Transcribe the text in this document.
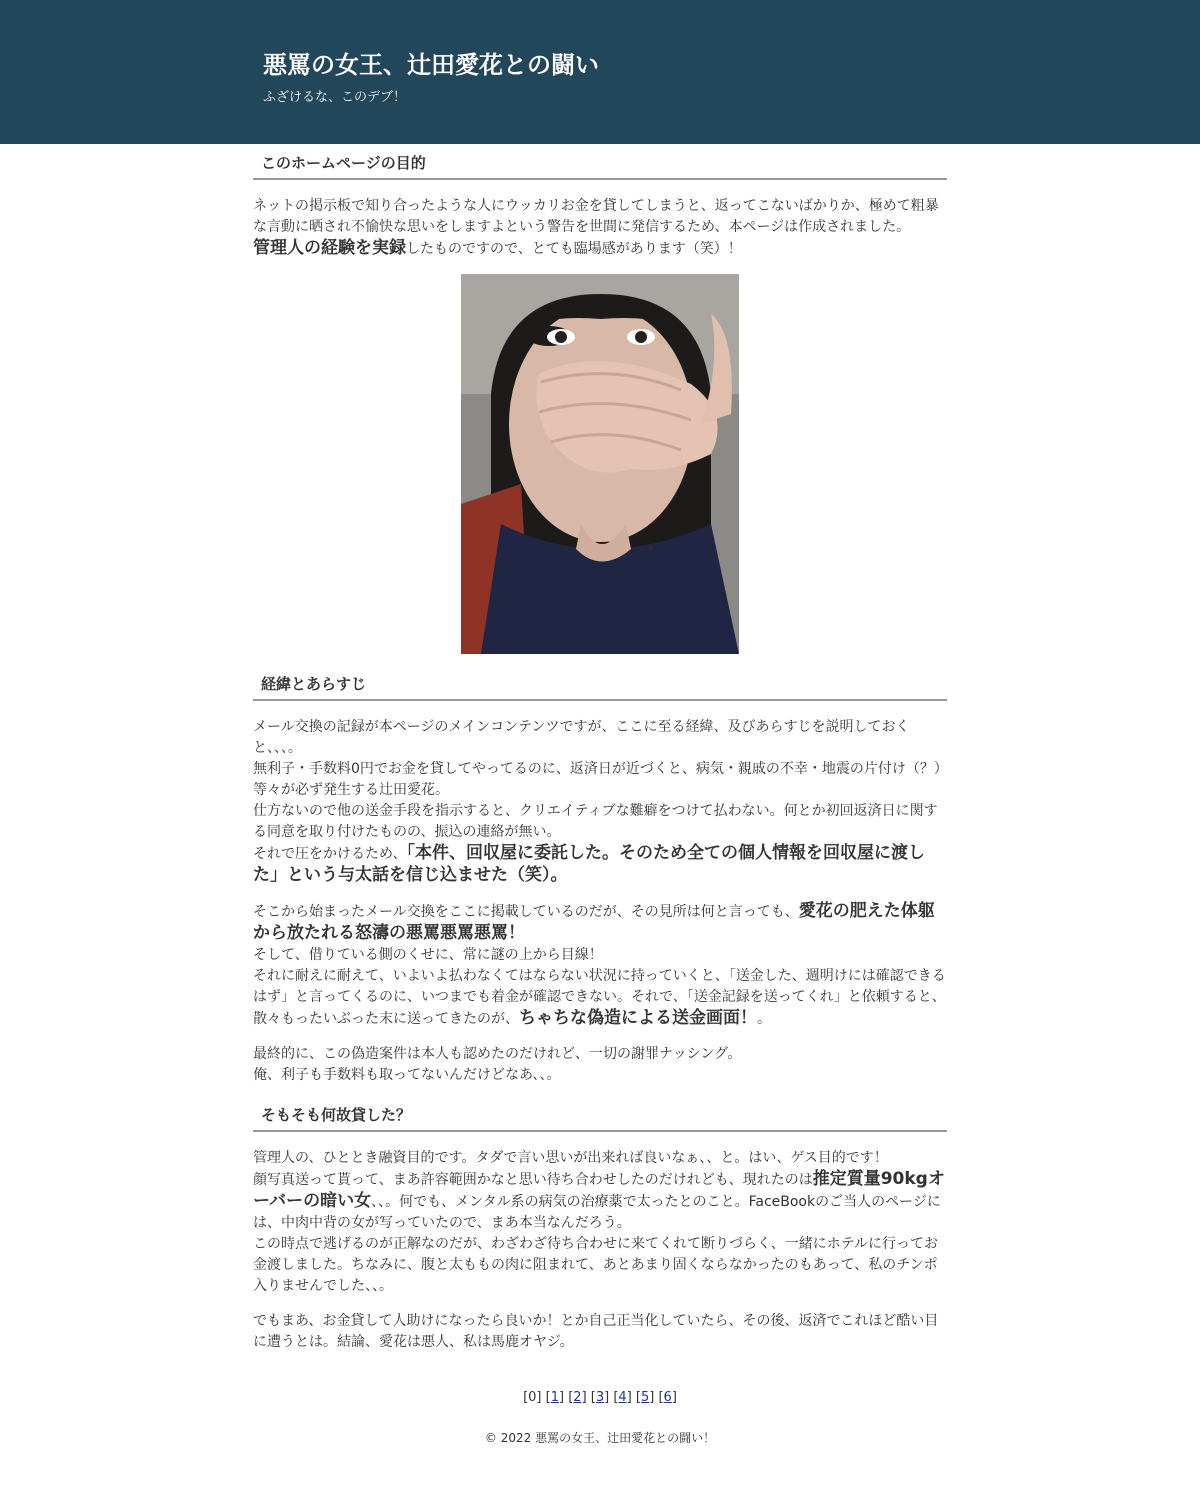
悪罵の女王、辻田愛花との闘い
ふざけるな、このデブ！
このホームページの目的

ネットの掲示板で知り合ったような人にウッカリお金を貸してしまうと、返ってこないばかりか、極めて粗暴な言動に晒され不愉快な思いをしますよという警告を世間に発信するため、本ページは作成されました。
管理人の経験を実録したものですので、とても臨場感があります（笑）！

経緯とあらすじ

メール交換の記録が本ページのメインコンテンツですが、ここに至る経緯、及びあらすじを説明しておくと、、、。
無利子・手数料0円でお金を貸してやってるのに、返済日が近づくと、病気・親戚の不幸・地震の片付け（？）等々が必ず発生する辻田愛花。
仕方ないので他の送金手段を指示すると、クリエイティブな難癖をつけて払わない。何とか初回返済日に関する同意を取り付けたものの、振込の連絡が無い。
それで圧をかけるため、「本件、回収屋に委託した。そのため全ての個人情報を回収屋に渡した」という与太話を信じ込ませた（笑）。

そこから始まったメール交換をここに掲載しているのだが、その見所は何と言っても、愛花の肥えた体躯から放たれる怒濤の悪罵悪罵悪罵！
そして、借りている側のくせに、常に謎の上から目線！
それに耐えに耐えて、いよいよ払わなくてはならない状況に持っていくと、「送金した、週明けには確認できるはず」と言ってくるのに、いつまでも着金が確認できない。それで、「送金記録を送ってくれ」と依頼すると、散々もったいぶった末に送ってきたのが、ちゃちな偽造による送金画面！。

最終的に、この偽造案件は本人も認めたのだけれど、一切の謝罪ナッシング。
俺、利子も手数料も取ってないんだけどなあ、、。

そもそも何故貸した？

管理人の、ひととき融資目的です。タダで言い思いが出来れば良いなぁ、、と。はい、ゲス目的です！
顔写真送って貰って、まあ許容範囲かなと思い待ち合わせしたのだけれども、現れたのは推定質量90kgオーバーの暗い女、、。何でも、メンタル系の病気の治療薬で太ったとのこと。FaceBookのご当人のページには、中肉中背の女が写っていたので、まあ本当なんだろう。
この時点で逃げるのが正解なのだが、わざわざ待ち合わせに来てくれて断りづらく、一緒にホテルに行ってお金渡しました。ちなみに、腹と太ももの肉に阻まれて、あとあまり固くならなかったのもあって、私のチンポ入りませんでした、、。

でもまあ、お金貸して人助けになったら良いか！とか自己正当化していたら、その後、返済でこれほど酷い目に遭うとは。結論、愛花は悪人、私は馬鹿オヤジ。

[0] [1] [2] [3] [4] [5] [6]
© 2022 悪罵の女王、辻田愛花との闘い！
